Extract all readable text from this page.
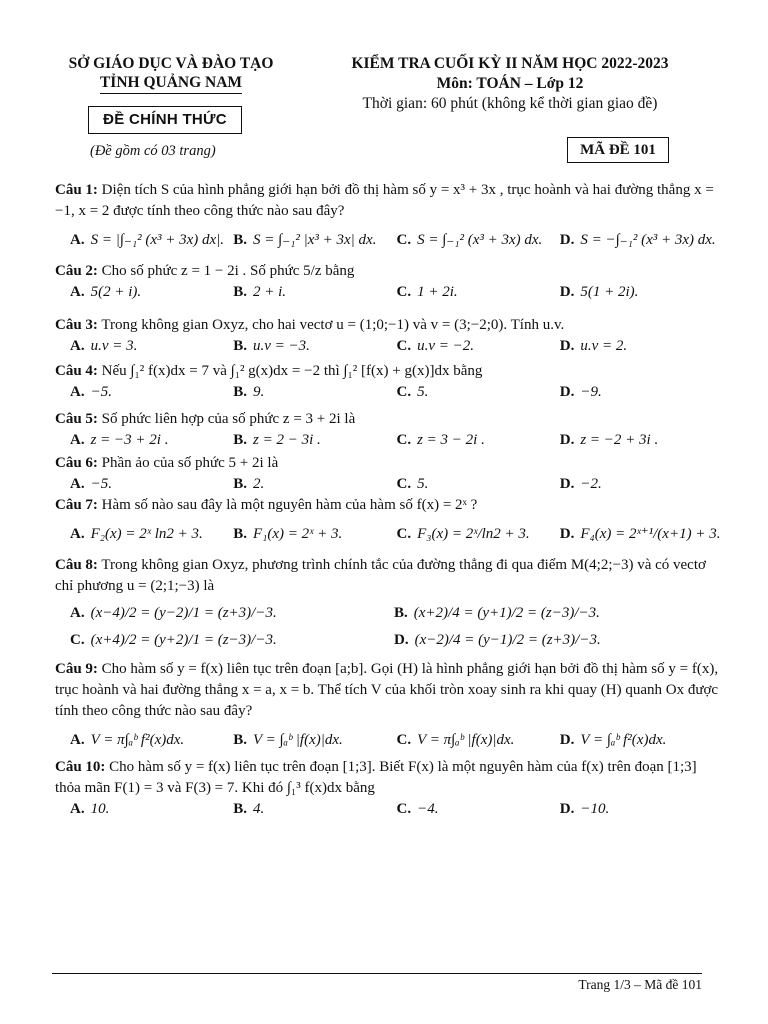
SỞ GIÁO DỤC VÀ ĐÀO TẠO
TỈNH QUẢNG NAM
ĐỀ CHÍNH THỨC
(Đề gồm có 03 trang)
KIỂM TRA CUỐI KỲ II NĂM HỌC 2022-2023
Môn: TOÁN – Lớp 12
Thời gian: 60 phút (không kể thời gian giao đề)
MÃ ĐỀ 101

Câu 1: Diện tích S của hình phẳng giới hạn bởi đồ thị hàm số y = x³ + 3x , trục hoành và hai đường thẳng x = −1, x = 2 được tính theo công thức nào sau đây?

A. S = |∫₋₁² (x³ + 3x) dx|. B. S = ∫₋₁² |x³ + 3x| dx.	C. S = ∫₋₁² (x³ + 3x) dx.	D. S = −∫₋₁² (x³ + 3x) dx.

Câu 2: Cho số phức z = 1 − 2i . Số phức 5/z bằng

A. 5(2 + i).	B. 2 + i.	C. 1 + 2i.	D. 5(1 + 2i).

Câu 3: Trong không gian Oxyz, cho hai vectơ u = (1;0;−1) và v = (3;−2;0). Tính u.v.

A. u.v = 3.	B. u.v = −3.	C. u.v = −2.	D. u.v = 2.

Câu 4: Nếu ∫₁² f(x)dx = 7 và ∫₁² g(x)dx = −2 thì ∫₁² [f(x) + g(x)]dx bằng

A. −5.	B. 9.	C. 5.	D. −9.

Câu 5: Số phức liên hợp của số phức z = 3 + 2i là

A. z = −3 + 2i .	B. z = 2 − 3i .	C. z = 3 − 2i .	D. z = −2 + 3i .

Câu 6: Phần ảo của số phức 5 + 2i là

A. −5.	B. 2.	C. 5.	D. −2.

Câu 7: Hàm số nào sau đây là một nguyên hàm của hàm số f(x) = 2ˣ ?

A. F₂(x) = 2ˣ ln2 + 3.	B. F₁(x) = 2ˣ + 3.	C. F₃(x) = 2ˣ/ln2 + 3.	D. F₄(x) = 2ˣ⁺¹/(x+1) + 3.

Câu 8: Trong không gian Oxyz, phương trình chính tắc của đường thẳng đi qua điểm M(4;2;−3) và có vectơ chỉ phương u = (2;1;−3) là

A. (x−4)/2 = (y−2)/1 = (z+3)/−3.	B. (x+2)/4 = (y+1)/2 = (z−3)/−3.
C. (x+4)/2 = (y+2)/1 = (z−3)/−3.	D. (x−2)/4 = (y−1)/2 = (z+3)/−3.

Câu 9: Cho hàm số y = f(x) liên tục trên đoạn [a;b]. Gọi (H) là hình phẳng giới hạn bởi đồ thị hàm số y = f(x), trục hoành và hai đường thẳng x = a, x = b. Thể tích V của khối tròn xoay sinh ra khi quay (H) quanh Ox được tính theo công thức nào sau đây?

A. V = π∫ₐᵇ f²(x)dx.	B. V = ∫ₐᵇ |f(x)|dx.	C. V = π∫ₐᵇ |f(x)|dx.	D. V = ∫ₐᵇ f²(x)dx.

Câu 10: Cho hàm số y = f(x) liên tục trên đoạn [1;3]. Biết F(x) là một nguyên hàm của f(x) trên đoạn [1;3] thỏa mãn F(1) = 3 và F(3) = 7. Khi đó ∫₁³ f(x)dx bằng

A. 10.	B. 4.	C. −4.	D. −10.
Trang 1/3 – Mã đề 101
